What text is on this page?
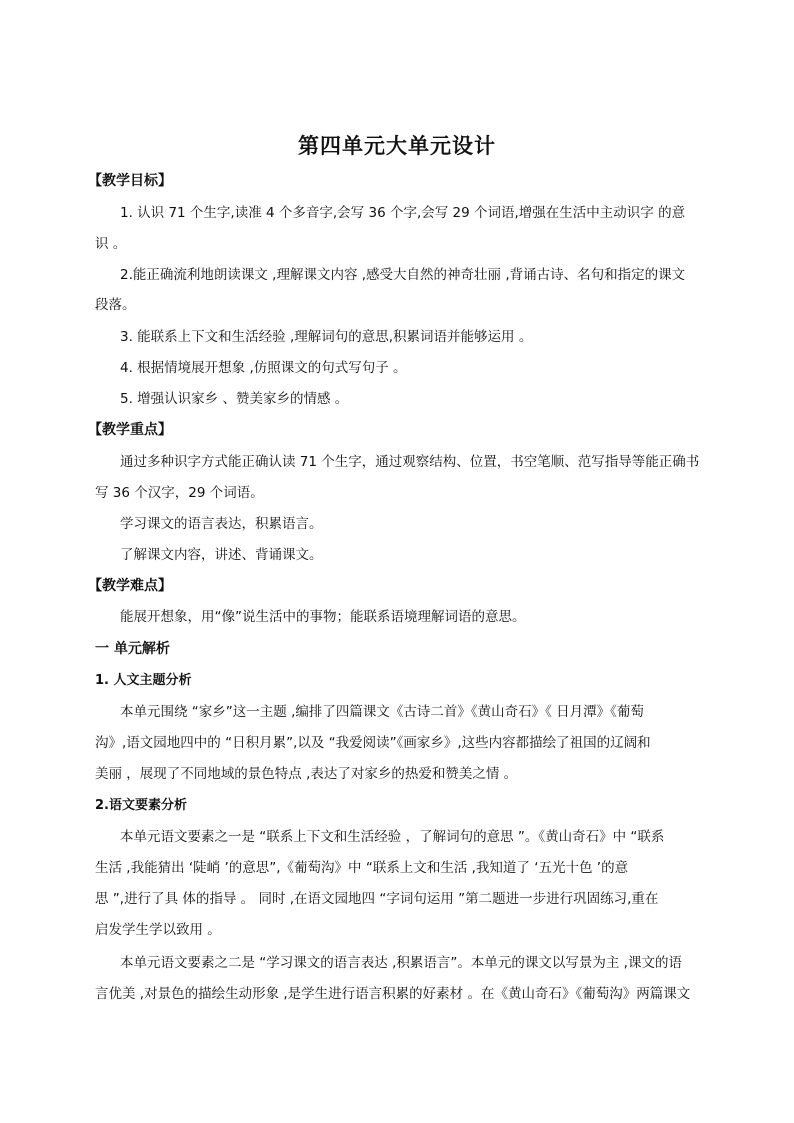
第四单元大单元设计
【教学目标】
1. 认识 71 个生字,读准 4 个多音字,会写 36 个字,会写 29 个词语,增强在生活中主动识字 的意
识 。
2.能正确流利地朗读课文 ,理解课文内容 ,感受大自然的神奇壮丽 ,背诵古诗、名句和指定的课文
段落。
3. 能联系上下文和生活经验 ,理解词句的意思,积累词语并能够运用 。
4. 根据情境展开想象 ,仿照课文的句式写句子 。
5. 增强认识家乡 、赞美家乡的情感 。
【教学重点】
通过多种识字方式能正确认读 71 个生字，通过观察结构、位置，书空笔顺、范写指导等能正确书
写 36 个汉字，29 个词语。
学习课文的语言表达，积累语言。
了解课文内容，讲述、背诵课文。
【教学难点】
能展开想象，用“像”说生活中的事物；能联系语境理解词语的意思。
一 单元解析
1. 人文主题分析
本单元围绕 “家乡”这一主题 ,编排了四篇课文《古诗二首》《黄山奇石》《 日月潭》《葡萄
沟》,语文园地四中的 “日积月累”,以及 “我爱阅读”《画家乡》,这些内容都描绘了祖国的辽阔和
美丽 ，展现了不同地域的景色特点 ,表达了对家乡的热爱和赞美之情 。
2.语文要素分析
本单元语文要素之一是 “联系上下文和生活经验 ，了解词句的意思 ”。《黄山奇石》中 “联系
生活 ,我能猜出 ‘陡峭 ’的意思”,《葡萄沟》中 “联系上文和生活 ,我知道了 ‘五光十色 ’的意
思 ”,进行了具 体的指导 。 同时 ,在语文园地四 “字词句运用 ”第二题进一步进行巩固练习,重在
启发学生学以致用 。
本单元语文要素之二是 “学习课文的语言表达 ,积累语言”。本单元的课文以写景为主 ,课文的语
言优美 ,对景色的描绘生动形象 ,是学生进行语言积累的好素材 。在《黄山奇石》《葡萄沟》两篇课文
